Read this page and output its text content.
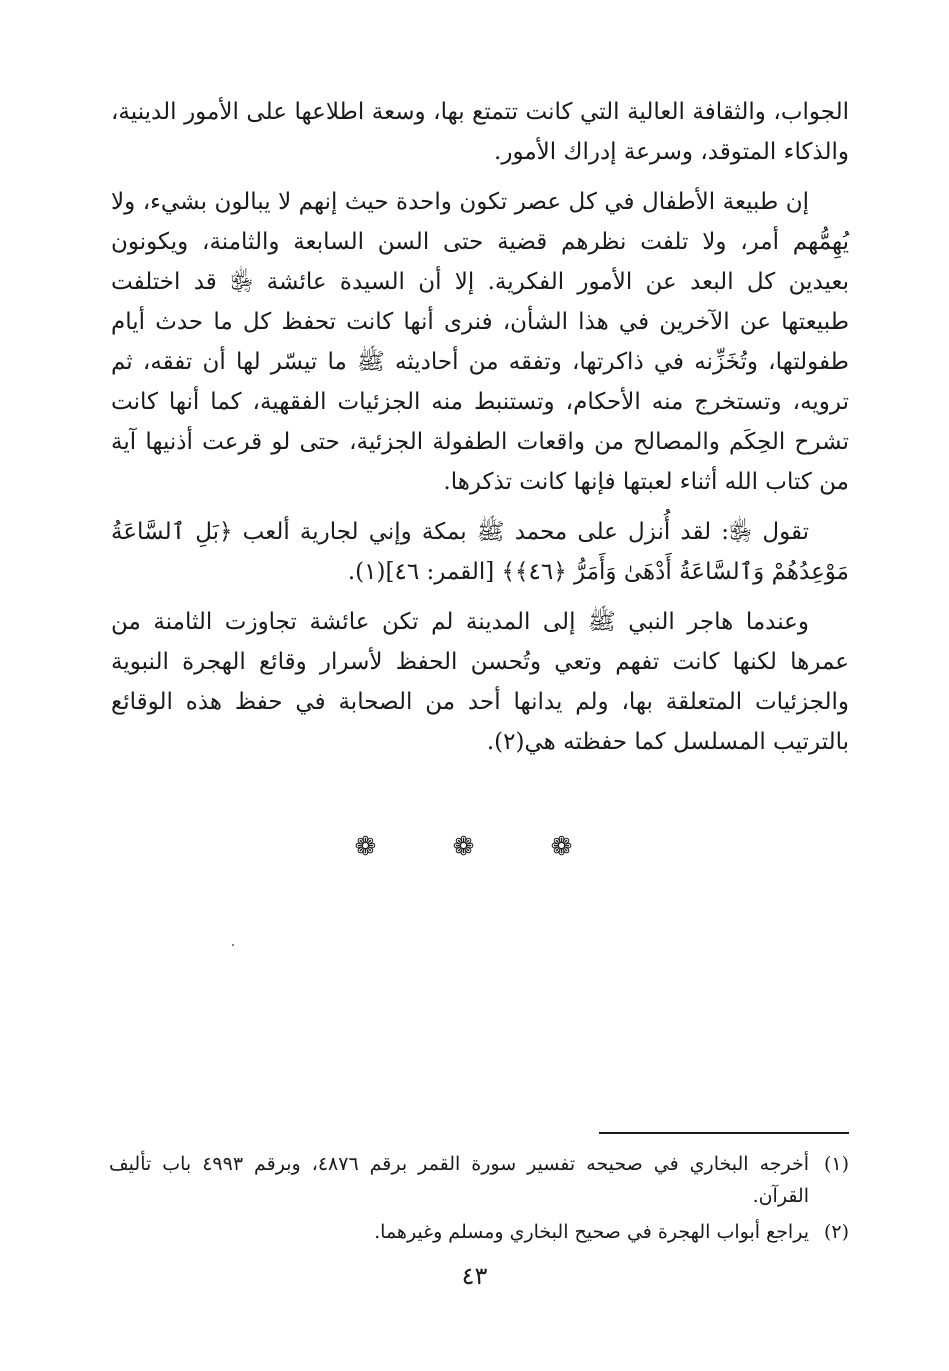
الجواب، والثقافة العالية التي كانت تتمتع بها، وسعة اطلاعها على الأمور الدينية، والذكاء المتوقد، وسرعة إدراك الأمور.

إن طبيعة الأطفال في كل عصر تكون واحدة حيث إنهم لا يبالون بشيء، ولا يُهِمُّهم أمر، ولا تلفت نظرهم قضية حتى السن السابعة والثامنة، ويكونون بعيدين كل البعد عن الأمور الفكرية. إلا أن السيدة عائشة ﵂ قد اختلفت طبيعتها عن الآخرين في هذا الشأن، فنرى أنها كانت تحفظ كل ما حدث أيام طفولتها، وتُخَزِّنه في ذاكرتها، وتفقه من أحاديثه ﷺ ما تيسّر لها أن تفقه، ثم ترويه، وتستخرج منه الأحكام، وتستنبط منه الجزئيات الفقهية، كما أنها كانت تشرح الحِكَم والمصالح من واقعات الطفولة الجزئية، حتى لو قرعت أذنيها آية من كتاب الله أثناء لعبتها فإنها كانت تذكرها.

تقول ﵂: لقد أُنزل على محمد ﷺ بمكة وإني لجارية ألعب ﴿بَلِ ٱلسَّاعَةُ مَوْعِدُهُمْ وَٱلسَّاعَةُ أَدْهَىٰ وَأَمَرُّ ﴿٤٦﴾﴾ [القمر: ٤٦](١).

وعندما هاجر النبي ﷺ إلى المدينة لم تكن عائشة تجاوزت الثامنة من عمرها لكنها كانت تفهم وتعي وتُحسن الحفظ لأسرار وقائع الهجرة النبوية والجزئيات المتعلقة بها، ولم يدانها أحد من الصحابة في حفظ هذه الوقائع بالترتيب المسلسل كما حفظته هي(٢).

❁ ❁ ❁
(١)
أخرجه البخاري في صحيحه تفسير سورة القمر برقم ٤٨٧٦، وبرقم ٤٩٩٣ باب تأليف القرآن.
(٢)
يراجع أبواب الهجرة في صحيح البخاري ومسلم وغيرهما.
٤٣
